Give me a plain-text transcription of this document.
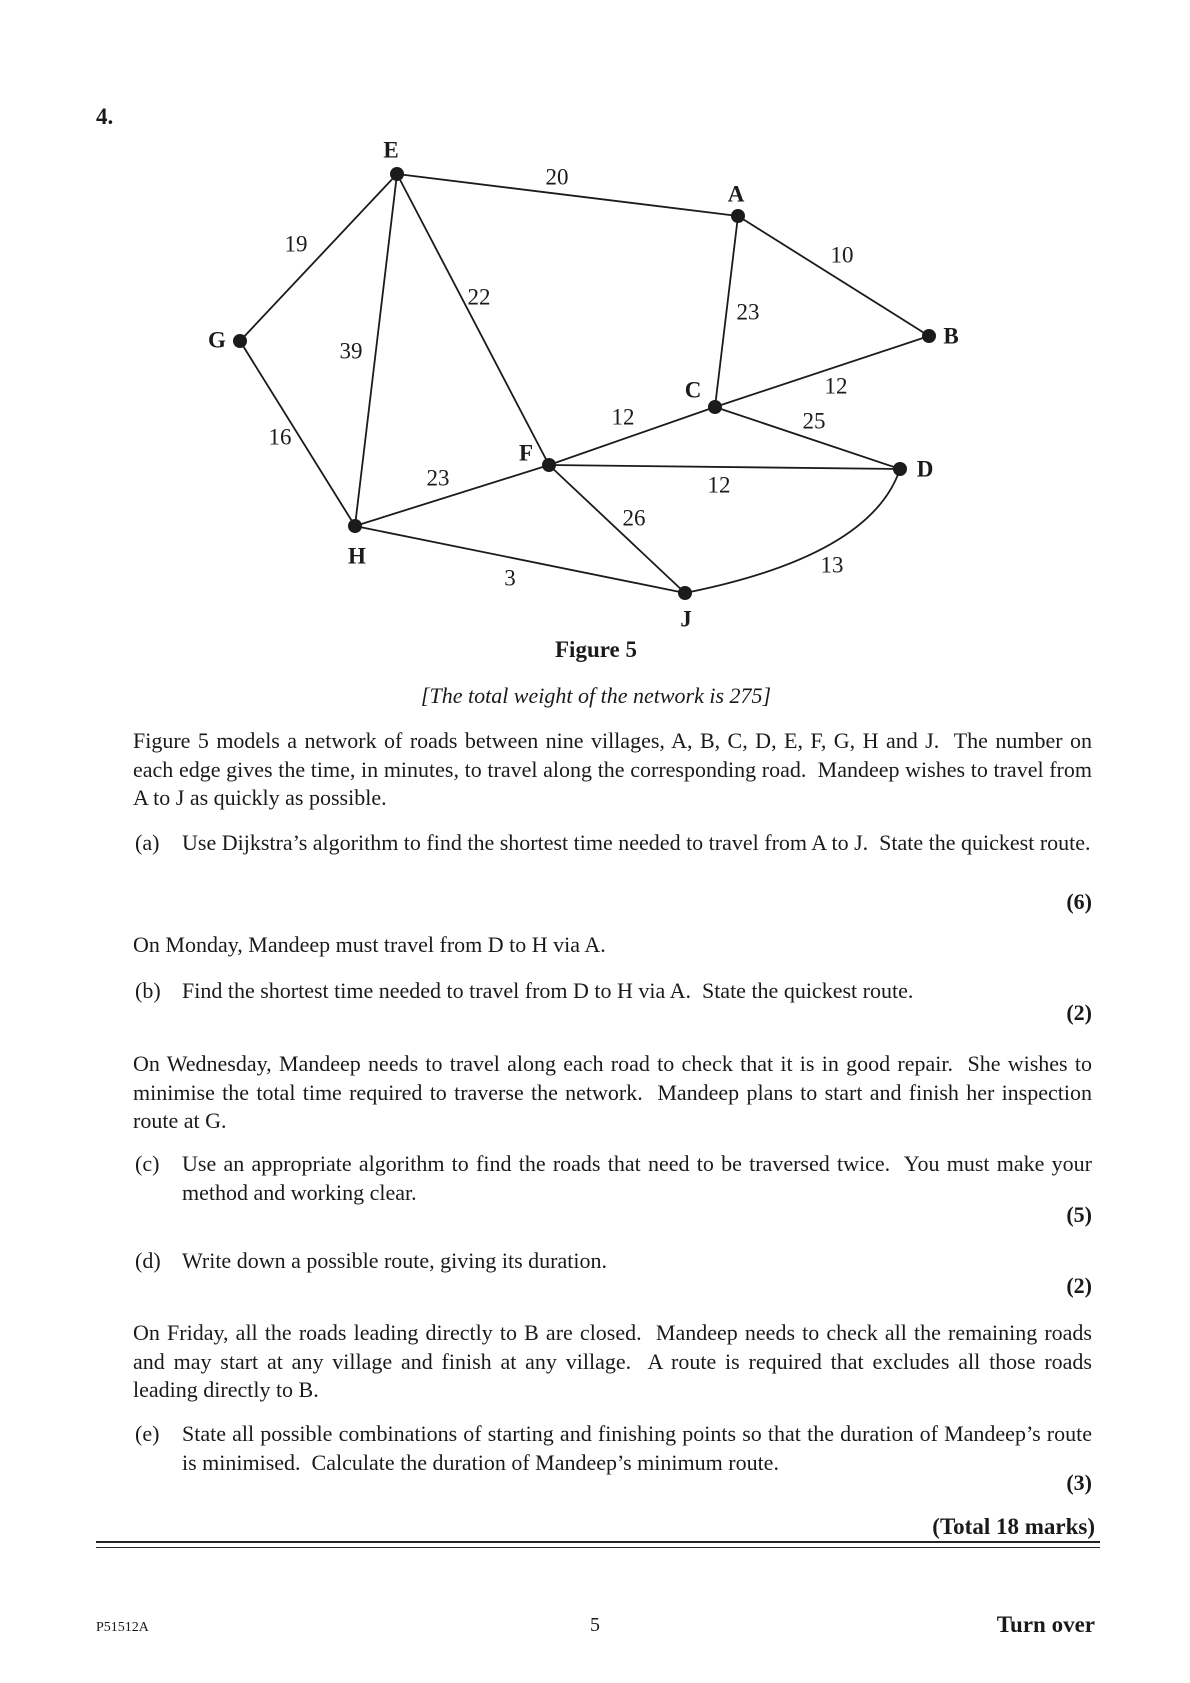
4.
20
19
22
39
10
23
12
12	25
16
23	12
26
3
13
E
A
B
G
C
F
D
H
J
Figure 5
[The total weight of the network is 275]
Figure 5 models a network of roads between nine villages, A, B, C, D, E, F, G, H and J.  The number on each edge gives the time, in minutes, to travel along the corresponding road.  Mandeep wishes to travel from A to J as quickly as possible.
(a) Use Dijkstra’s algorithm to find the shortest time needed to travel from A to J.  State the quickest route.
(6)
On Monday, Mandeep must travel from D to H via A.
(b) Find the shortest time needed to travel from D to H via A.  State the quickest route.
(2)
On Wednesday, Mandeep needs to travel along each road to check that it is in good repair.  She wishes to minimise the total time required to traverse the network.  Mandeep plans to start and finish her inspection route at G.
(c) Use an appropriate algorithm to find the roads that need to be traversed twice.  You must make your method and working clear.
(5)
(d) Write down a possible route, giving its duration.
(2)
On Friday, all the roads leading directly to B are closed.  Mandeep needs to check all the remaining roads and may start at any village and finish at any village.  A route is required that excludes all those roads leading directly to B.
(e) State all possible combinations of starting and finishing points so that the duration of Mandeep’s route is minimised.  Calculate the duration of Mandeep’s minimum route.
(3)
(Total 18 marks)
P51512A	5	Turn over
